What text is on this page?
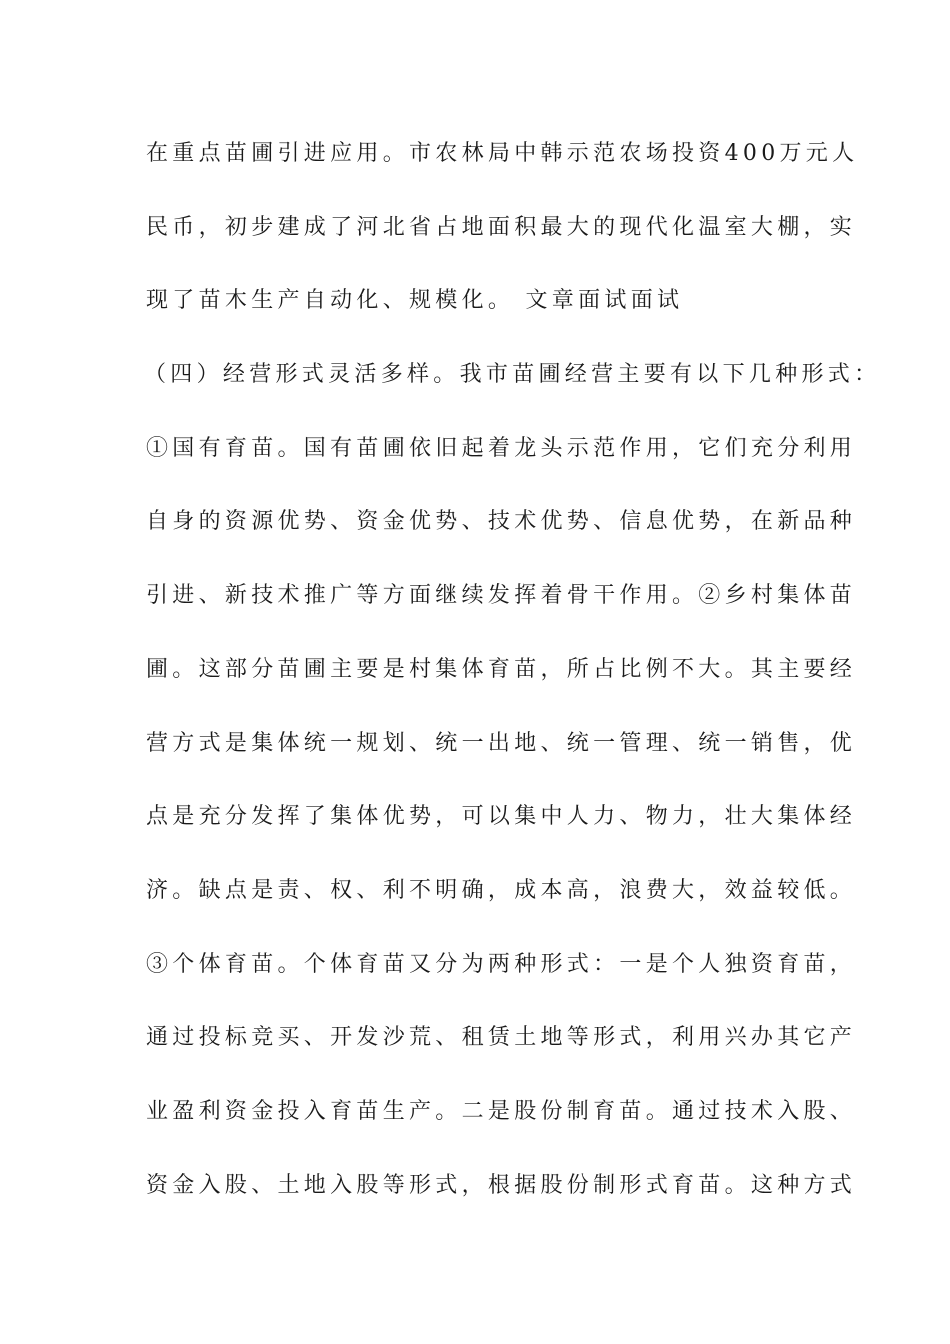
在重点苗圃引进应用。市农林局中韩示范农场投资400万元人
民币，初步建成了河北省占地面积最大的现代化温室大棚，实
现了苗木生产自动化、规模化。 文章面试面试
（四）经营形式灵活多样。我市苗圃经营主要有以下几种形式：
①国有育苗。国有苗圃依旧起着龙头示范作用，它们充分利用
自身的资源优势、资金优势、技术优势、信息优势，在新品种
引进、新技术推广等方面继续发挥着骨干作用。②乡村集体苗
圃。这部分苗圃主要是村集体育苗，所占比例不大。其主要经
营方式是集体统一规划、统一出地、统一管理、统一销售，优
点是充分发挥了集体优势，可以集中人力、物力，壮大集体经
济。缺点是责、权、利不明确，成本高，浪费大，效益较低。
③个体育苗。个体育苗又分为两种形式：一是个人独资育苗，
通过投标竞买、开发沙荒、租赁土地等形式，利用兴办其它产
业盈利资金投入育苗生产。二是股份制育苗。通过技术入股、
资金入股、土地入股等形式，根据股份制形式育苗。这种方式
